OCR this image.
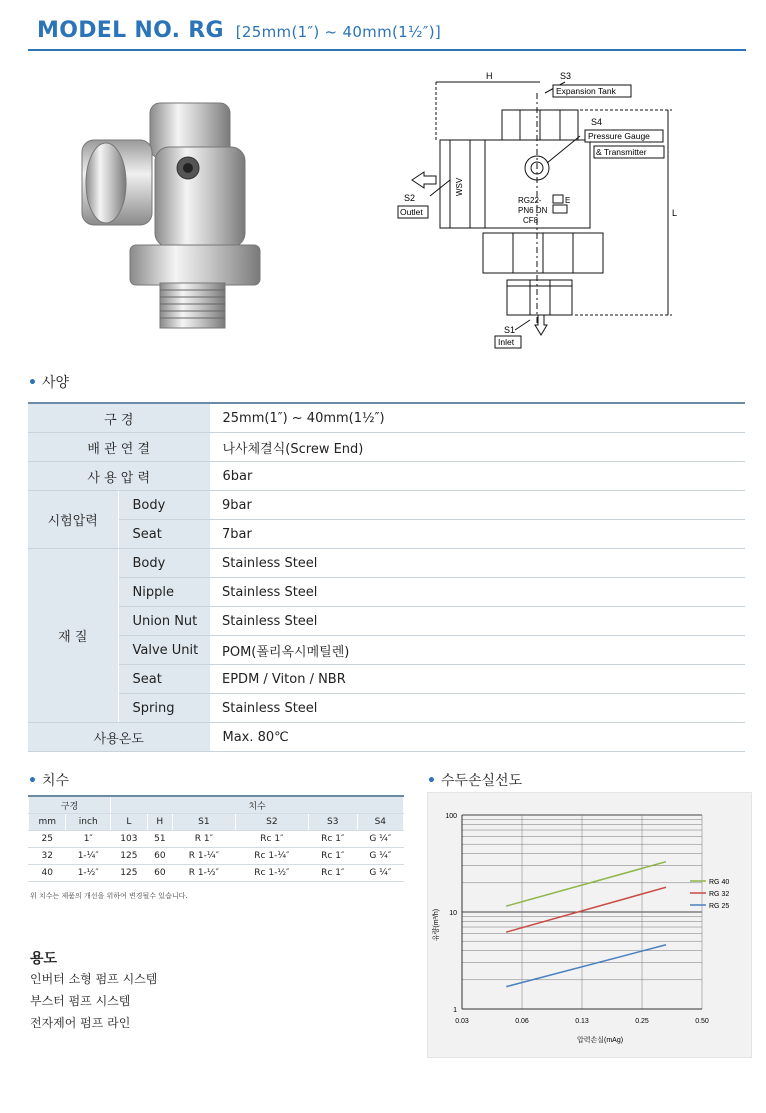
MODEL NO. RG [25mm(1″) ~ 40mm(1½″)]
H
L
S3
Expansion Tank
S4
Pressure Gauge
& Transmitter
S2
Outlet
S1
Inlet
RG22-	E
PN6 DN
CF8
WSV
• 사양
구 경		25mm(1″) ~ 40mm(1½″)
배 관 연 결		나사체결식(Screw End)
사 용 압 력		6bar
시험압력	Body	9bar
	Seat	7bar
재 질	Body	Stainless Steel
	Nipple	Stainless Steel
	Union Nut	Stainless Steel
	Valve Unit	POM(폴리옥시메틸렌)
	Seat	EPDM / Viton / NBR
	Spring	Stainless Steel
사용온도		Max. 80℃
• 치수
구경		치수					
mm	inch	L	H	S1	S2	S3	S4
25	1″	103	51	R 1″	Rc 1″	Rc 1″	G ¼″
32	1-¼″	125	60	R 1-¼″	Rc 1-¼″	Rc 1″	G ¼″
40	1-½″	125	60	R 1-½″	Rc 1-½″	Rc 1″	G ¼″
위 치수는 제품의 개선을 위하여 변경될수 있습니다.
용도
인버터 소형 펌프 시스템
부스터 펌프 시스템
전자제어 펌프 라인
• 수두손실선도
0.03	0.06	0.13	0.25	0.50
1
10
100
RG 40
RG 32
RG 25
압력손실(mAg)
유량(m³/h)
